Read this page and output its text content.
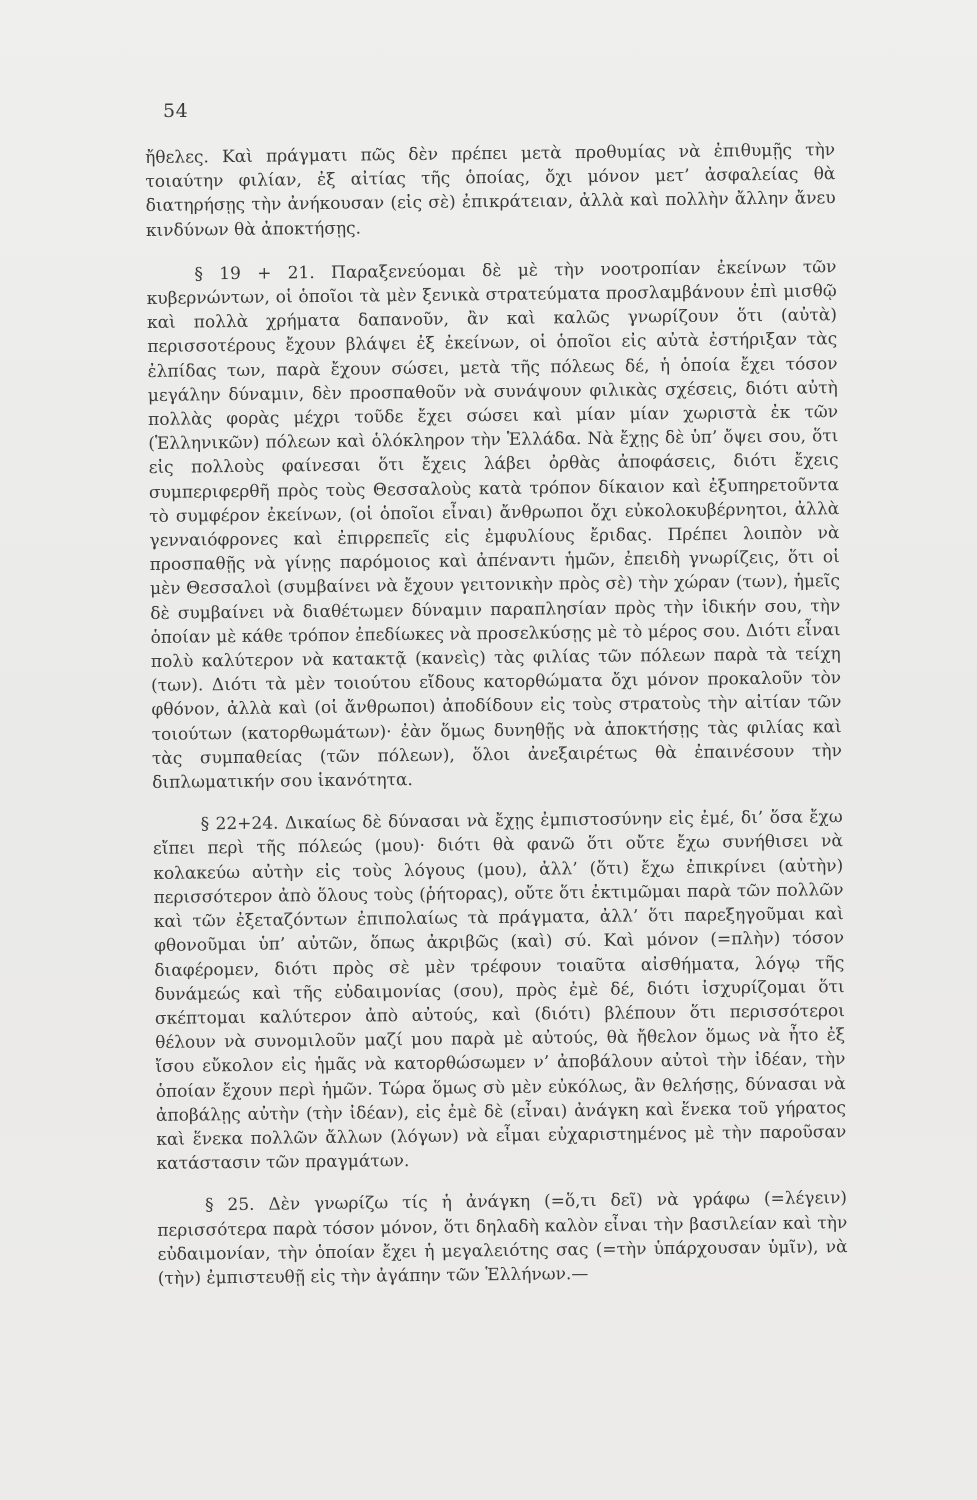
54

ἤθελες. Καὶ πράγματι πῶς δὲν πρέπει μετὰ προθυμίας νὰ ἐπιθυμῇς τὴν τοιαύτην φιλίαν, ἐξ αἰτίας τῆς ὁποίας, ὄχι μόνον μετ’ ἀσφαλείας θὰ διατηρήσῃς τὴν ἀνήκουσαν (εἰς σὲ) ἐπικράτειαν, ἀλλὰ καὶ πολλὴν ἄλλην ἄνευ κινδύνων θὰ ἀποκτήσῃς.

§ 19 + 21. Παραξενεύομαι δὲ μὲ τὴν νοοτροπίαν ἐκείνων τῶν κυβερνώντων, οἱ ὁποῖοι τὰ μὲν ξενικὰ στρατεύματα προσλαμβάνουν ἐπὶ μισθῷ καὶ πολλὰ χρήματα δαπανοῦν, ἂν καὶ καλῶς γνωρίζουν ὅτι (αὐτὰ) περισσοτέρους ἔχουν βλάψει ἐξ ἐκείνων, οἱ ὁποῖοι εἰς αὐτὰ ἐστήριξαν τὰς ἐλπίδας των, παρὰ ἔχουν σώσει, μετὰ τῆς πόλεως δέ, ἡ ὁποία ἔχει τόσον μεγάλην δύναμιν, δὲν προσπαθοῦν νὰ συνάψουν φιλικὰς σχέσεις, διότι αὐτὴ πολλὰς φορὰς μέχρι τοῦδε ἔχει σώσει καὶ μίαν μίαν χωριστὰ ἐκ τῶν (Ἑλληνικῶν) πόλεων καὶ ὁλόκληρον τὴν Ἑλλάδα. Νὰ ἔχῃς δὲ ὑπ’ ὄψει σου, ὅτι εἰς πολλοὺς φαίνεσαι ὅτι ἔχεις λάβει ὀρθὰς ἀποφάσεις, διότι ἔχεις συμπεριφερθῆ πρὸς τοὺς Θεσσαλοὺς κατὰ τρόπον δίκαιον καὶ ἐξυπηρετοῦντα τὸ συμφέρον ἐκείνων, (οἱ ὁποῖοι εἶναι) ἄνθρωποι ὄχι εὐκολοκυβέρνητοι, ἀλλὰ γενναιόφρονες καὶ ἐπιρρεπεῖς εἰς ἐμφυλίους ἔριδας. Πρέπει λοιπὸν νὰ προσπαθῇς νὰ γίνῃς παρόμοιος καὶ ἀπέναντι ἡμῶν, ἐπειδὴ γνωρίζεις, ὅτι οἱ μὲν Θεσσαλοὶ (συμβαίνει νὰ ἔχουν γειτονικὴν πρὸς σὲ) τὴν χώραν (των), ἡμεῖς δὲ συμβαίνει νὰ διαθέτωμεν δύναμιν παραπλησίαν πρὸς τὴν ἰδικήν σου, τὴν ὁποίαν μὲ κάθε τρόπον ἐπεδίωκες νὰ προσελκύσῃς μὲ τὸ μέρος σου. Διότι εἶναι πολὺ καλύτερον νὰ κατακτᾷ (κανεὶς) τὰς φιλίας τῶν πόλεων παρὰ τὰ τείχη (των). Διότι τὰ μὲν τοιούτου εἴδους κατορθώματα ὄχι μόνον προκαλοῦν τὸν φθόνον, ἀλλὰ καὶ (οἱ ἄνθρωποι) ἀποδίδουν εἰς τοὺς στρατοὺς τὴν αἰτίαν τῶν τοιούτων (κατορθωμάτων)· ἐὰν ὅμως δυνηθῇς νὰ ἀποκτήσῃς τὰς φιλίας καὶ τὰς συμπαθείας (τῶν πόλεων), ὅλοι ἀνεξαιρέτως θὰ ἐπαινέσουν τὴν διπλωματικήν σου ἱκανότητα.

§ 22+24. Δικαίως δὲ δύνασαι νὰ ἔχῃς ἐμπιστοσύνην εἰς ἐμέ, δι’ ὅσα ἔχω εἴπει περὶ τῆς πόλεώς (μου)· διότι θὰ φανῶ ὅτι οὔτε ἔχω συνήθισει νὰ κολακεύω αὐτὴν εἰς τοὺς λόγους (μου), ἀλλ’ (ὅτι) ἔχω ἐπικρίνει (αὐτὴν) περισσότερον ἀπὸ ὅλους τοὺς (ῥήτορας), οὔτε ὅτι ἐκτιμῶμαι παρὰ τῶν πολλῶν καὶ τῶν ἐξεταζόντων ἐπιπολαίως τὰ πράγματα, ἀλλ’ ὅτι παρεξηγοῦμαι καὶ φθονοῦμαι ὑπ’ αὐτῶν, ὅπως ἀκριβῶς (καὶ) σύ. Καὶ μόνον (=πλὴν) τόσον διαφέρομεν, διότι πρὸς σὲ μὲν τρέφουν τοιαῦτα αἰσθήματα, λόγῳ τῆς δυνάμεώς καὶ τῆς εὐδαιμονίας (σου), πρὸς ἐμὲ δέ, διότι ἰσχυρίζομαι ὅτι σκέπτομαι καλύτερον ἀπὸ αὐτούς, καὶ (διότι) βλέπουν ὅτι περισσότεροι θέλουν νὰ συνομιλοῦν μαζί μου παρὰ μὲ αὐτούς, θὰ ἤθελον ὅμως νὰ ἦτο ἐξ ἴσου εὔκολον εἰς ἡμᾶς νὰ κατορθώσωμεν ν’ ἀποβάλουν αὐτοὶ τὴν ἰδέαν, τὴν ὁποίαν ἔχουν περὶ ἡμῶν. Τώρα ὅμως σὺ μὲν εὐκόλως, ἂν θελήσῃς, δύνασαι νὰ ἀποβάλῃς αὐτὴν (τὴν ἰδέαν), εἰς ἐμὲ δὲ (εἶναι) ἀνάγκη καὶ ἕνεκα τοῦ γήρατος καὶ ἕνεκα πολλῶν ἄλλων (λόγων) νὰ εἶμαι εὐχαριστημένος μὲ τὴν παροῦσαν κατάστασιν τῶν πραγμάτων.

§ 25. Δὲν γνωρίζω τίς ἡ ἀνάγκη (=ὅ,τι δεῖ) νὰ γράφω (=λέγειν) περισσότερα παρὰ τόσον μόνον, ὅτι δηλαδὴ καλὸν εἶναι τὴν βασιλείαν καὶ τὴν εὐδαιμονίαν, τὴν ὁποίαν ἔχει ἡ μεγαλειότης σας (=τὴν ὑπάρχουσαν ὑμῖν), νὰ (τὴν) ἐμπιστευθῇ εἰς τὴν ἀγάπην τῶν Ἑλλήνων.—
